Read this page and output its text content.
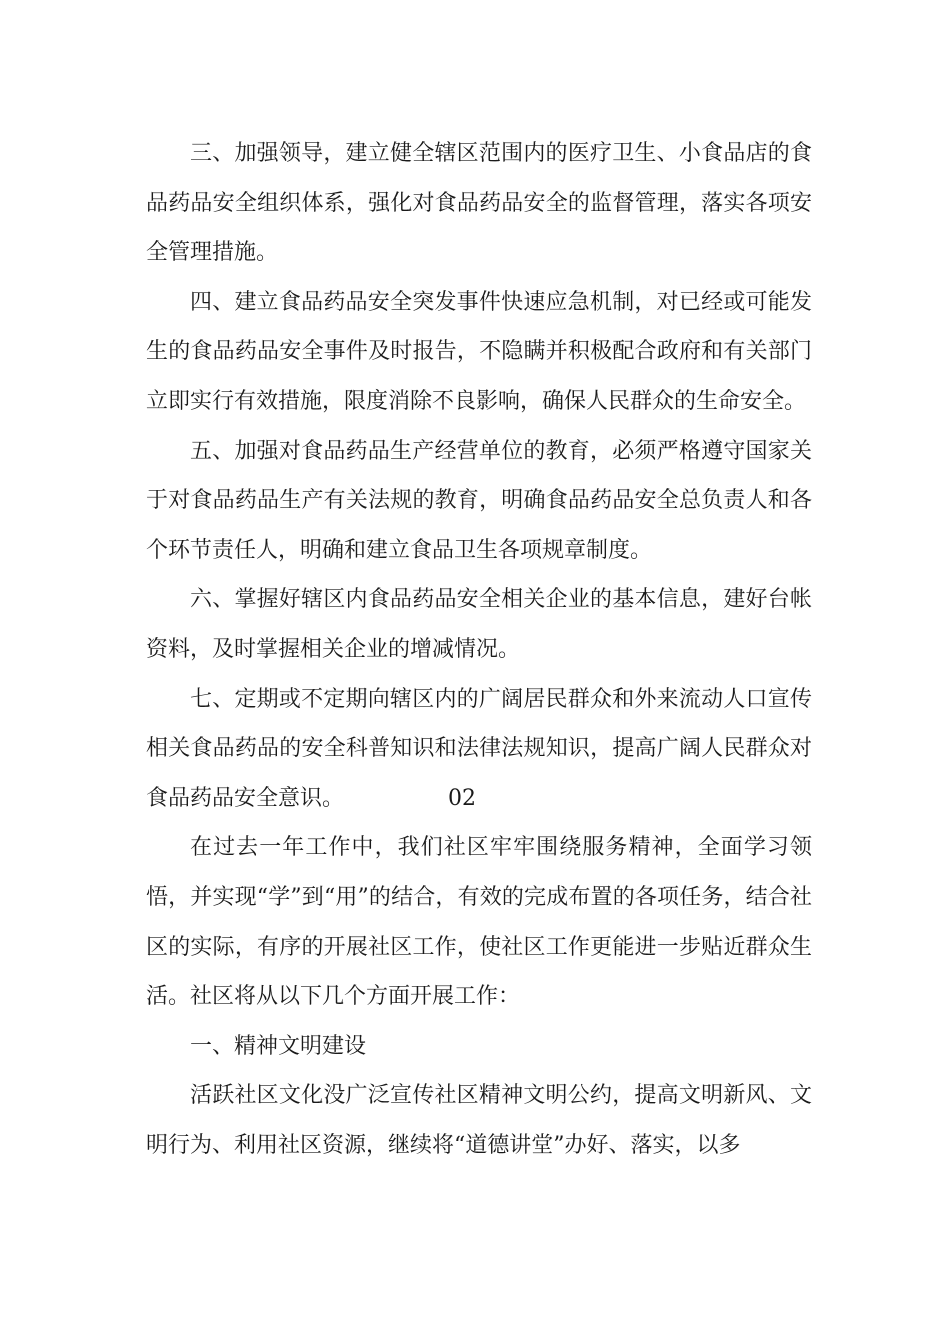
三、加强领导，建立健全辖区范围内的医疗卫生、小食品店的食品药品安全组织体系，强化对食品药品安全的监督管理，落实各项安全管理措施。

四、建立食品药品安全突发事件快速应急机制，对已经或可能发生的食品药品安全事件及时报告，不隐瞒并积极配合政府和有关部门立即实行有效措施，限度消除不良影响，确保人民群众的生命安全。

五、加强对食品药品生产经营单位的教育，必须严格遵守国家关于对食品药品生产有关法规的教育，明确食品药品安全总负责人和各个环节责任人，明确和建立食品卫生各项规章制度。

六、掌握好辖区内食品药品安全相关企业的基本信息，建好台帐资料，及时掌握相关企业的增减情况。

七、定期或不定期向辖区内的广阔居民群众和外来流动人口宣传相关食品药品的安全科普知识和法律法规知识，提高广阔人民群众对食品药品安全意识。	02

在过去一年工作中，我们社区牢牢围绕服务精神，全面学习领悟，并实现“学”到“用”的结合，有效的完成布置的各项任务，结合社区的实际，有序的开展社区工作，使社区工作更能进一步贴近群众生活。社区将从以下几个方面开展工作：

一、精神文明建设

活跃社区文化没广泛宣传社区精神文明公约，提高文明新风、文明行为、利用社区资源，继续将“道德讲堂”办好、落实，以多
